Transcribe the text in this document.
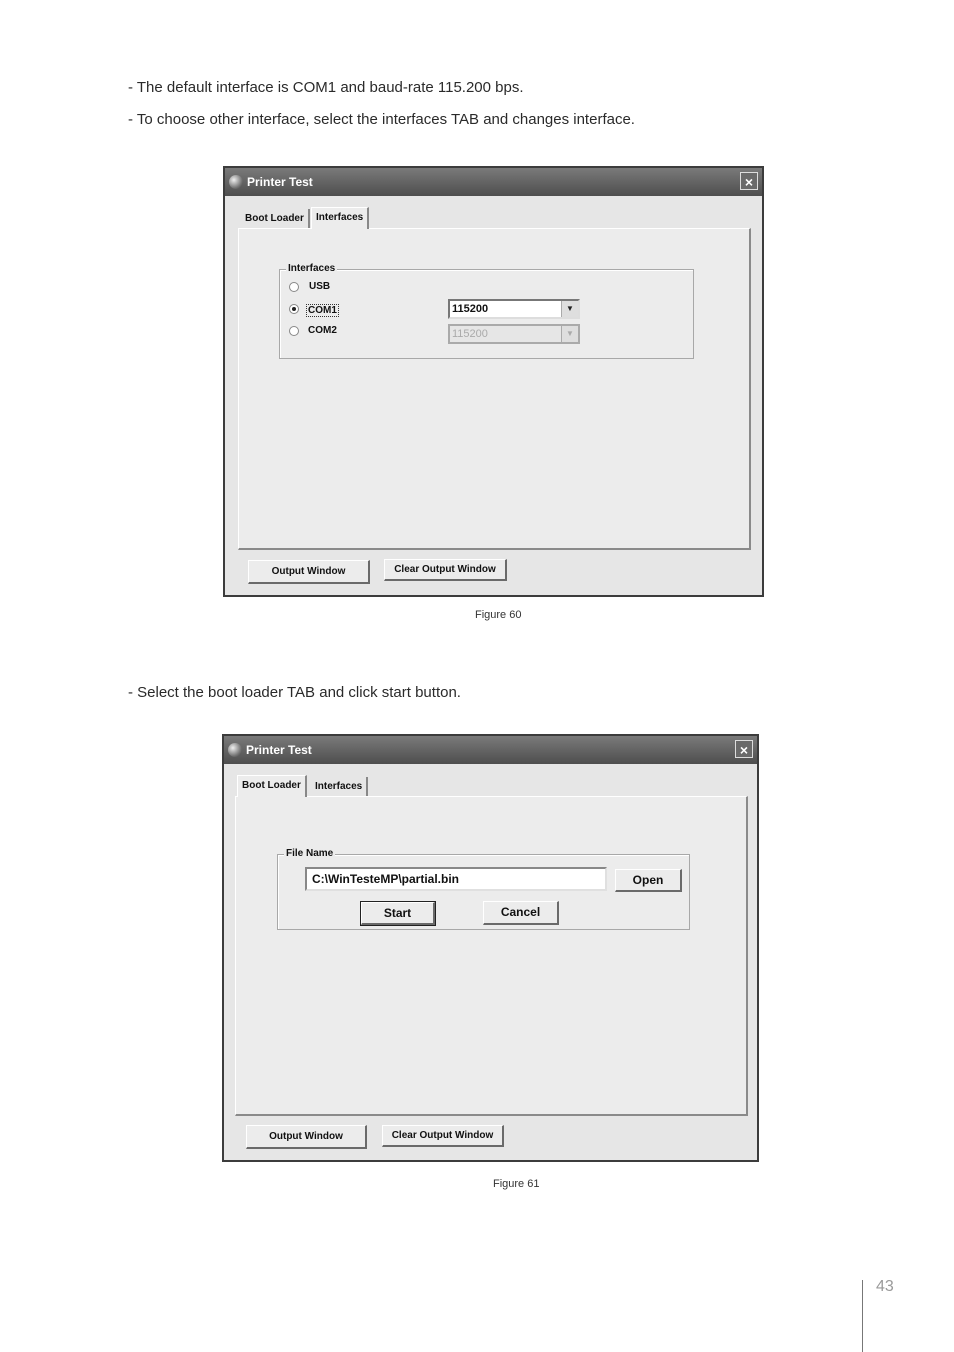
- The default interface is COM1 and baud-rate 115.200 bps.
- To choose other interface, select the interfaces TAB and changes interface.
Printer Test	×
Boot Loader	Interfaces
Interfaces
USB
COM1
COM2
115200	▼
115200	▼
Output Window	Clear Output Window
Figure 60
- Select the boot loader TAB and click start button.
Printer Test	×
Boot Loader	Interfaces
File Name
C:\WinTesteMP\partial.bin	Open
Start	Cancel
Output Window	Clear Output Window
Figure 61
43
